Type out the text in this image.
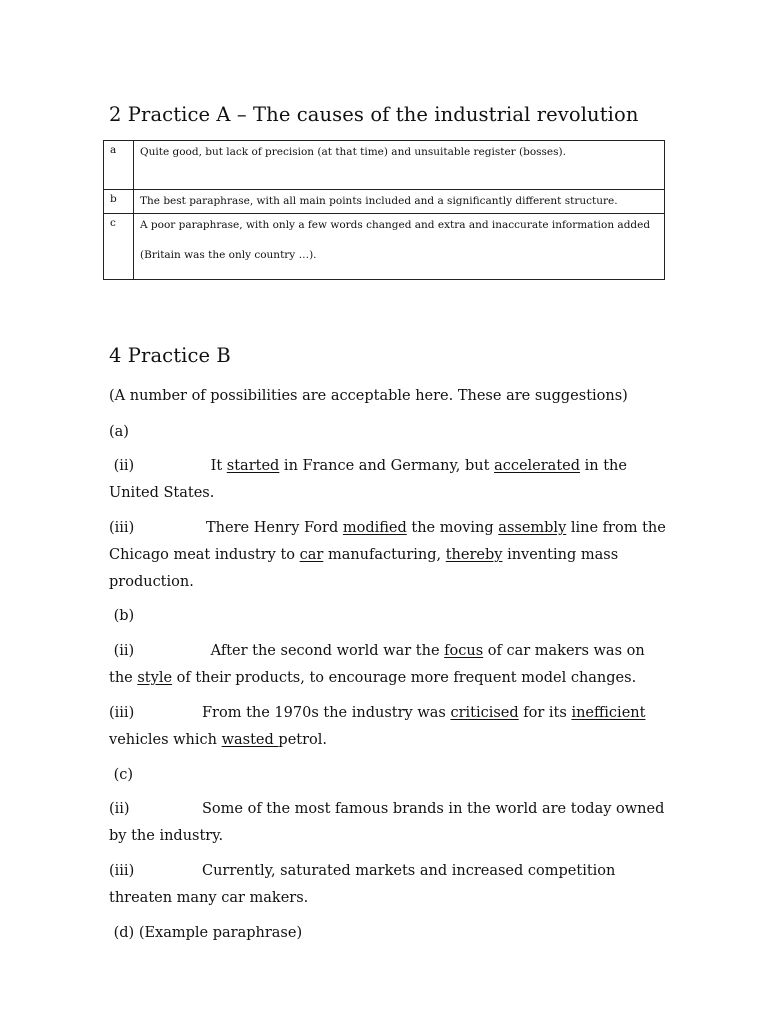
2 Practice A – The causes of the industrial revolution
a	Quite good, but lack of precision (at that time) and unsuitable register (bosses).
b	The best paraphrase, with all main points included and a significantly different structure.
c	A poor paraphrase, with only a few words changed and extra and inaccurate information added
(Britain was the only country …).
4 Practice B
(A number of possibilities are acceptable here. These are suggestions)
(a)
(ii)	It started in France and Germany, but accelerated in the United States.
(iii)	There Henry Ford modified the moving assembly line from the Chicago meat industry to car manufacturing, thereby inventing mass production.
(b)
(ii)	After the second world war the focus of car makers was on the style of their products, to encourage more frequent model changes.
(iii)	From the 1970s the industry was criticised for its inefficient vehicles which wasted petrol.
(c)
(ii)	Some of the most famous brands in the world are today owned by the industry.
(iii)	Currently, saturated markets and increased competition threaten many car makers.
(d) (Example paraphrase)
